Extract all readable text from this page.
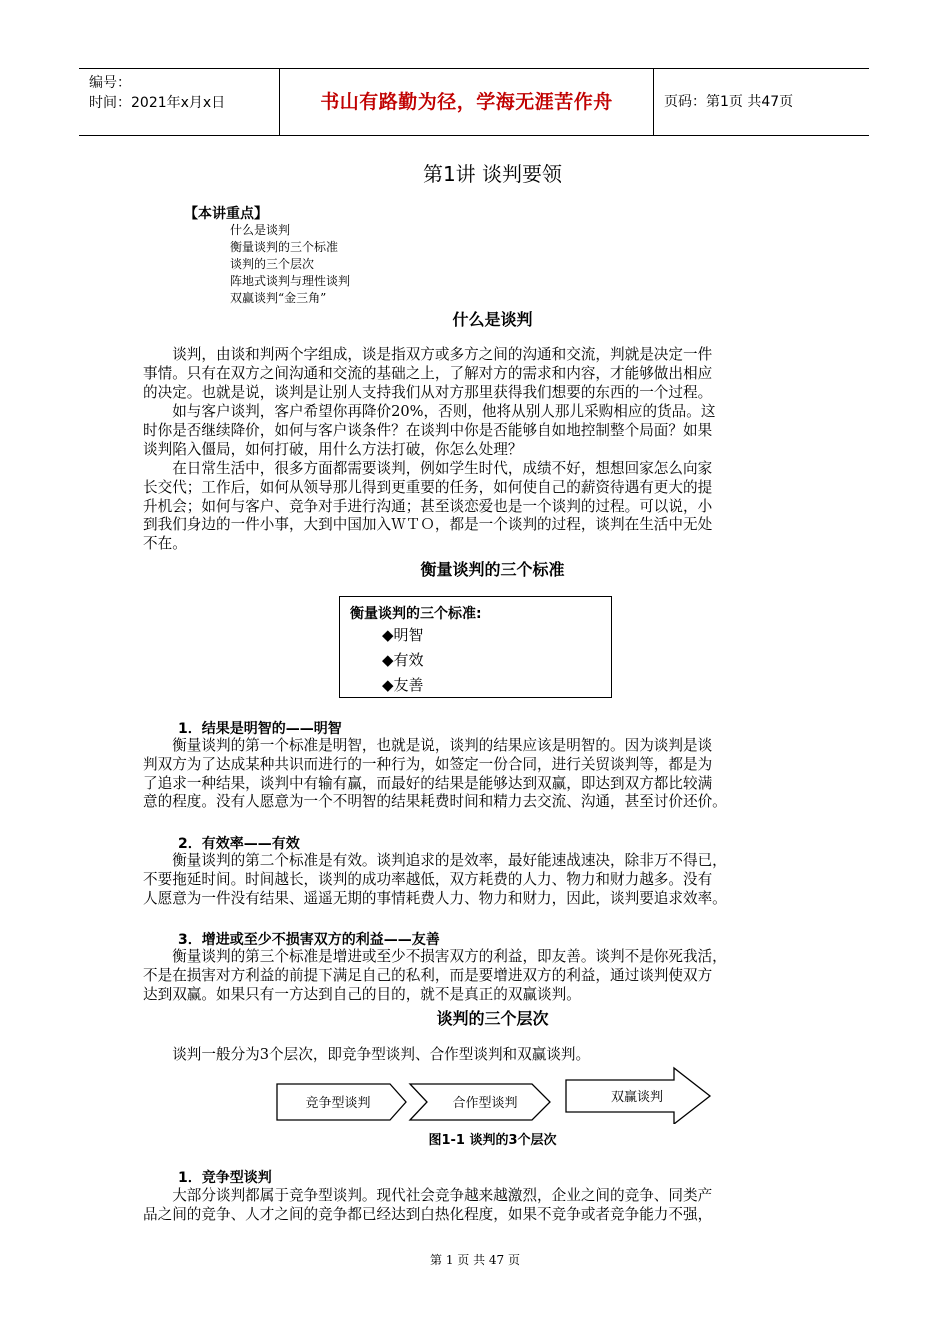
编号：
时间：2021年x月x日	书山有路勤为径，学海无涯苦作舟	页码：第1页 共47页
第1讲 谈判要领
【本讲重点】
什么是谈判
衡量谈判的三个标准
谈判的三个层次
阵地式谈判与理性谈判
双赢谈判“金三角”
什么是谈判
谈判，由谈和判两个字组成，谈是指双方或多方之间的沟通和交流，判就是决定一件
事情。只有在双方之间沟通和交流的基础之上，了解对方的需求和内容，才能够做出相应
的决定。也就是说，谈判是让别人支持我们从对方那里获得我们想要的东西的一个过程。
如与客户谈判，客户希望你再降价20%，否则，他将从别人那儿采购相应的货品。这
时你是否继续降价，如何与客户谈条件？在谈判中你是否能够自如地控制整个局面？如果
谈判陷入僵局，如何打破，用什么方法打破，你怎么处理？
在日常生活中，很多方面都需要谈判，例如学生时代，成绩不好，想想回家怎么向家
长交代；工作后，如何从领导那儿得到更重要的任务，如何使自己的薪资待遇有更大的提
升机会；如何与客户、竞争对手进行沟通；甚至谈恋爱也是一个谈判的过程。可以说，小
到我们身边的一件小事，大到中国加入ＷＴＯ，都是一个谈判的过程，谈判在生活中无处
不在。
衡量谈判的三个标准
衡量谈判的三个标准:
◆明智
◆有效
◆友善
1．结果是明智的——明智
衡量谈判的第一个标准是明智，也就是说，谈判的结果应该是明智的。因为谈判是谈
判双方为了达成某种共识而进行的一种行为，如签定一份合同，进行关贸谈判等，都是为
了追求一种结果，谈判中有输有赢，而最好的结果是能够达到双赢，即达到双方都比较满
意的程度。没有人愿意为一个不明智的结果耗费时间和精力去交流、沟通，甚至讨价还价。
2．有效率——有效
衡量谈判的第二个标准是有效。谈判追求的是效率，最好能速战速决，除非万不得已，
不要拖延时间。时间越长，谈判的成功率越低，双方耗费的人力、物力和财力越多。没有
人愿意为一件没有结果、遥遥无期的事情耗费人力、物力和财力，因此，谈判要追求效率。
3．增进或至少不损害双方的利益——友善
衡量谈判的第三个标准是增进或至少不损害双方的利益，即友善。谈判不是你死我活，
不是在损害对方利益的前提下满足自己的私利，而是要增进双方的利益，通过谈判使双方
达到双赢。如果只有一方达到自己的目的，就不是真正的双赢谈判。
谈判的三个层次
谈判一般分为3个层次，即竞争型谈判、合作型谈判和双赢谈判。
竞争型谈判	合作型谈判	双赢谈判
图1-1 谈判的3个层次
1．竞争型谈判
大部分谈判都属于竞争型谈判。现代社会竞争越来越激烈，企业之间的竞争、同类产
品之间的竞争、人才之间的竞争都已经达到白热化程度，如果不竞争或者竞争能力不强，
第 1 页 共 47 页
